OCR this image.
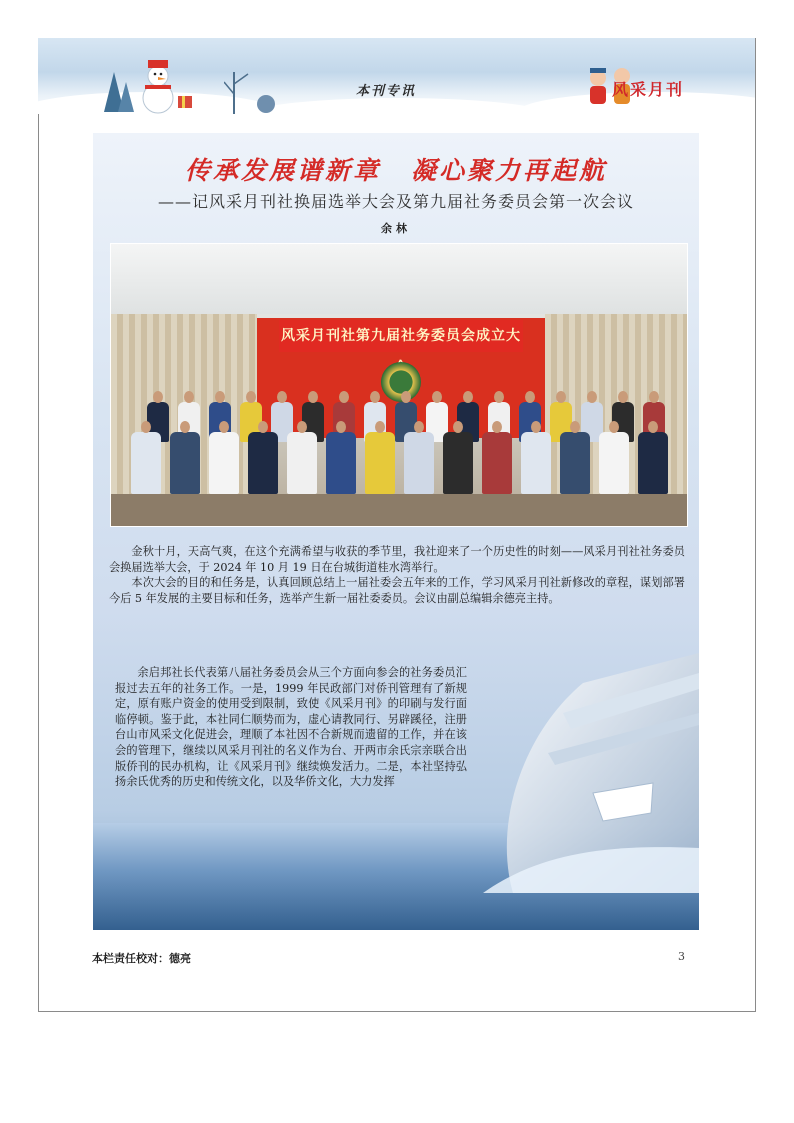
本刊专讯	风采月刊
传承发展谱新章 凝心聚力再起航
——记风采月刊社换届选举大会及第九届社务委员会第一次会议
余林
风采月刊社第九届社务委员会成立大

金秋十月，天高气爽，在这个充满希望与收获的季节里，我社迎来了一个历史性的时刻——风采月刊社社务委员会换届选举大会，于 2024 年 10 月 19 日在台城街道桂水湾举行。

本次大会的目的和任务是，认真回顾总结上一届社委会五年来的工作，学习风采月刊社新修改的章程，谋划部署今后 5 年发展的主要目标和任务，选举产生新一届社委委员。会议由副总编辑余德亮主持。

余启邦社长代表第八届社务委员会从三个方面向参会的社务委员汇报过去五年的社务工作。一是，1999 年民政部门对侨刊管理有了新规定，原有账户资金的使用受到限制，致使《风采月刊》的印刷与发行面临停顿。鉴于此，本社同仁顺势而为，虚心请教同行、另辟蹊径，注册台山市风采文化促进会，理顺了本社因不合新规而遗留的工作，并在该会的管理下，继续以风采月刊社的名义作为台、开两市余氏宗亲联合出版侨刊的民办机构，让《风采月刊》继续焕发活力。二是，本社坚持弘扬余氏优秀的历史和传统文化，以及华侨文化，大力发挥

本栏责任校对：德亮	3
